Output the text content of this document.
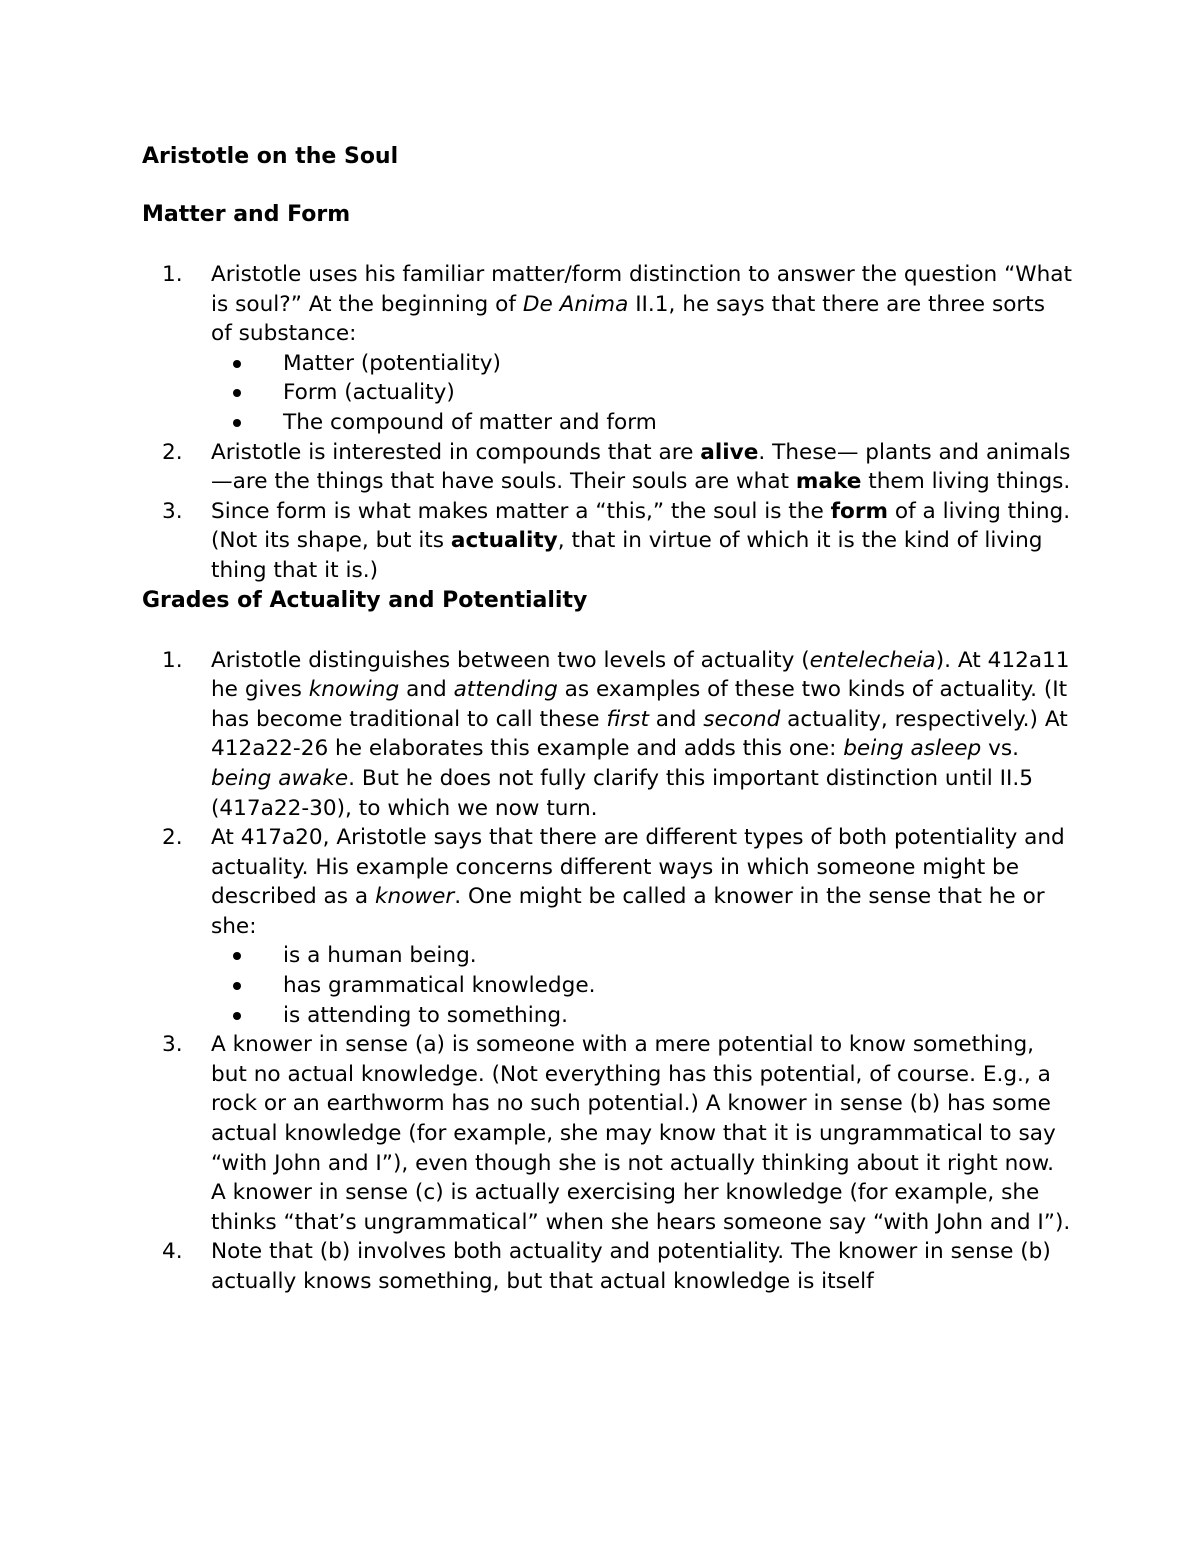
Aristotle on the Soul
Matter and Form
1. Aristotle uses his familiar matter/form distinction to answer the question “What is soul?” At the beginning of De Anima II.1, he says that there are three sorts of substance:
Matter (potentiality)
Form (actuality)
The compound of matter and form
2. Aristotle is interested in compounds that are alive. These— plants and animals—are the things that have souls. Their souls are what make them living things.
3. Since form is what makes matter a “this,” the soul is the form of a living thing. (Not its shape, but its actuality, that in virtue of which it is the kind of living thing that it is.)
Grades of Actuality and Potentiality
1. Aristotle distinguishes between two levels of actuality (entelecheia). At 412a11 he gives knowing and attending as examples of these two kinds of actuality. (It has become traditional to call these first and second actuality, respectively.) At 412a22-26 he elaborates this example and adds this one: being asleep vs. being awake. But he does not fully clarify this important distinction until II.5 (417a22-30), to which we now turn.
2. At 417a20, Aristotle says that there are different types of both potentiality and actuality. His example concerns different ways in which someone might be described as a knower. One might be called a knower in the sense that he or she:
is a human being.
has grammatical knowledge.
is attending to something.
3. A knower in sense (a) is someone with a mere potential to know something, but no actual knowledge. (Not everything has this potential, of course. E.g., a rock or an earthworm has no such potential.) A knower in sense (b) has some actual knowledge (for example, she may know that it is ungrammatical to say “with John and I”), even though she is not actually thinking about it right now. A knower in sense (c) is actually exercising her knowledge (for example, she thinks “that’s ungrammatical” when she hears someone say “with John and I”).
4. Note that (b) involves both actuality and potentiality. The knower in sense (b) actually knows something, but that actual knowledge is itself
